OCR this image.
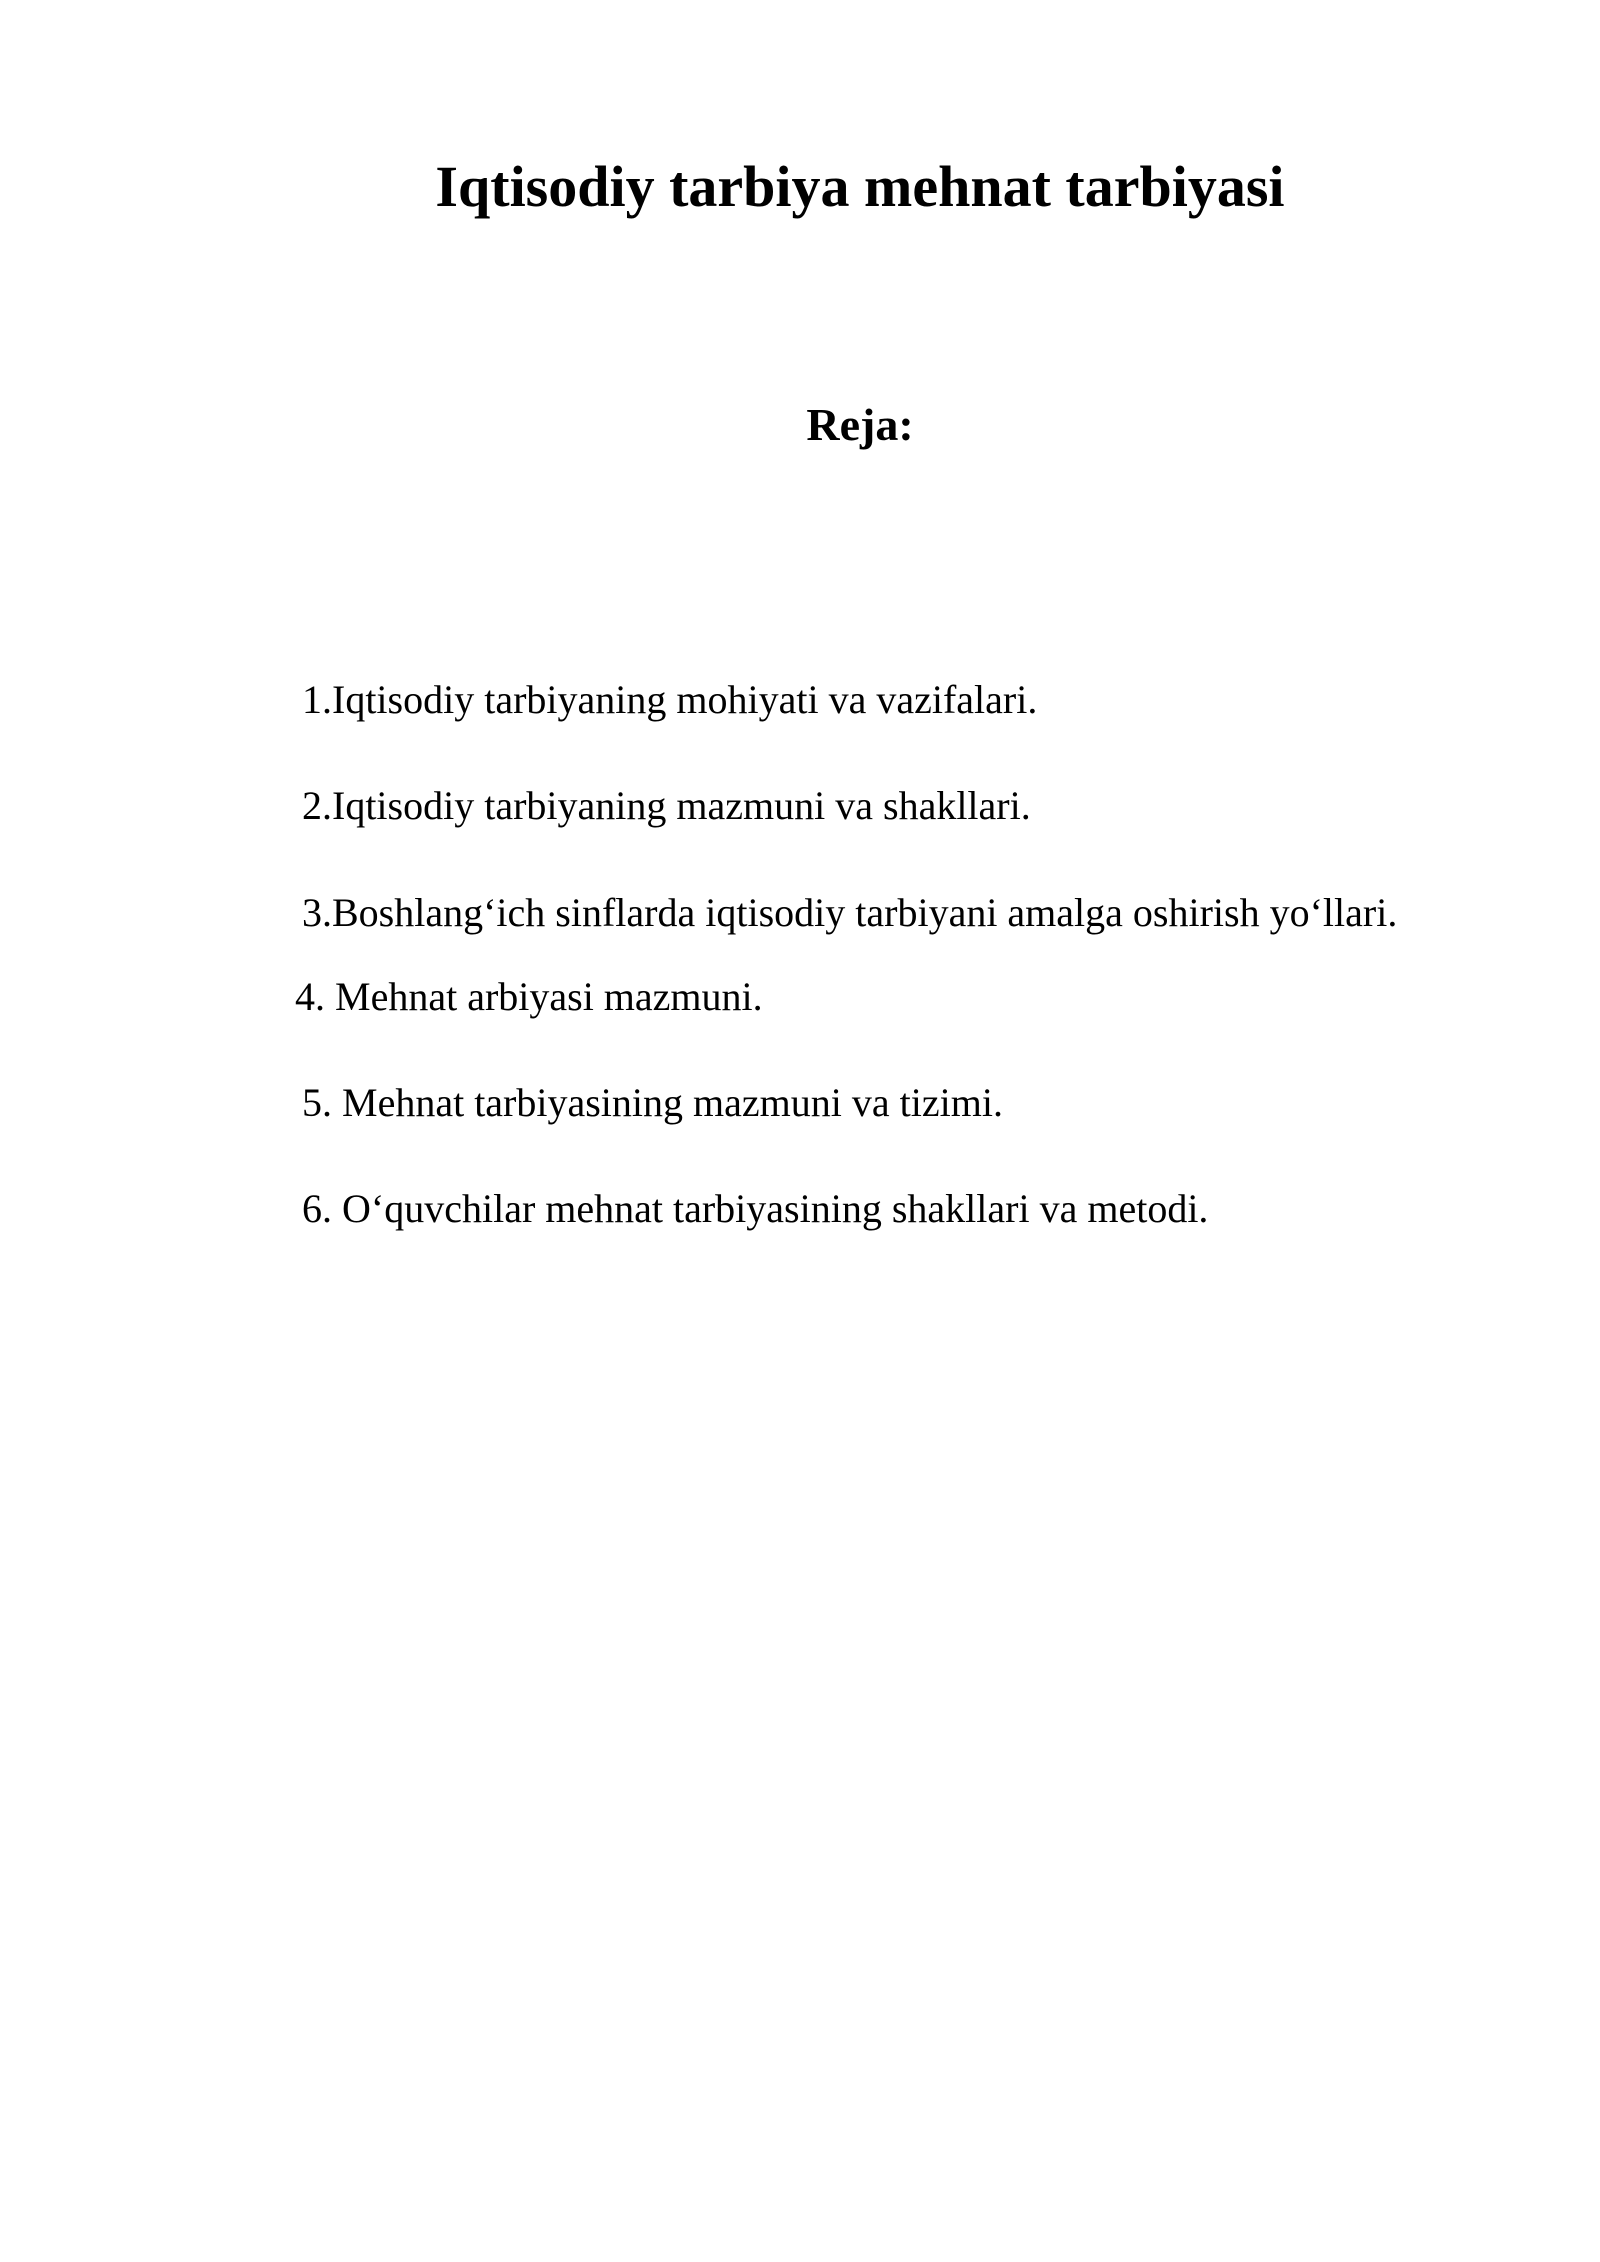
Iqtisodiy tarbiya mehnat tarbiyasi
Reja:

1.Iqtisodiy tarbiyaning mohiyati va vazifalari.

2.Iqtisodiy tarbiyaning mazmuni va shakllari.

3.Boshlang‘ich sinflarda iqtisodiy tarbiyani amalga oshirish yo‘llari.

4. Mehnat arbiyasi mazmuni.

5. Mehnat tarbiyasining mazmuni va tizimi.

6. O‘quvchilar mehnat tarbiyasining shakllari va metodi.
